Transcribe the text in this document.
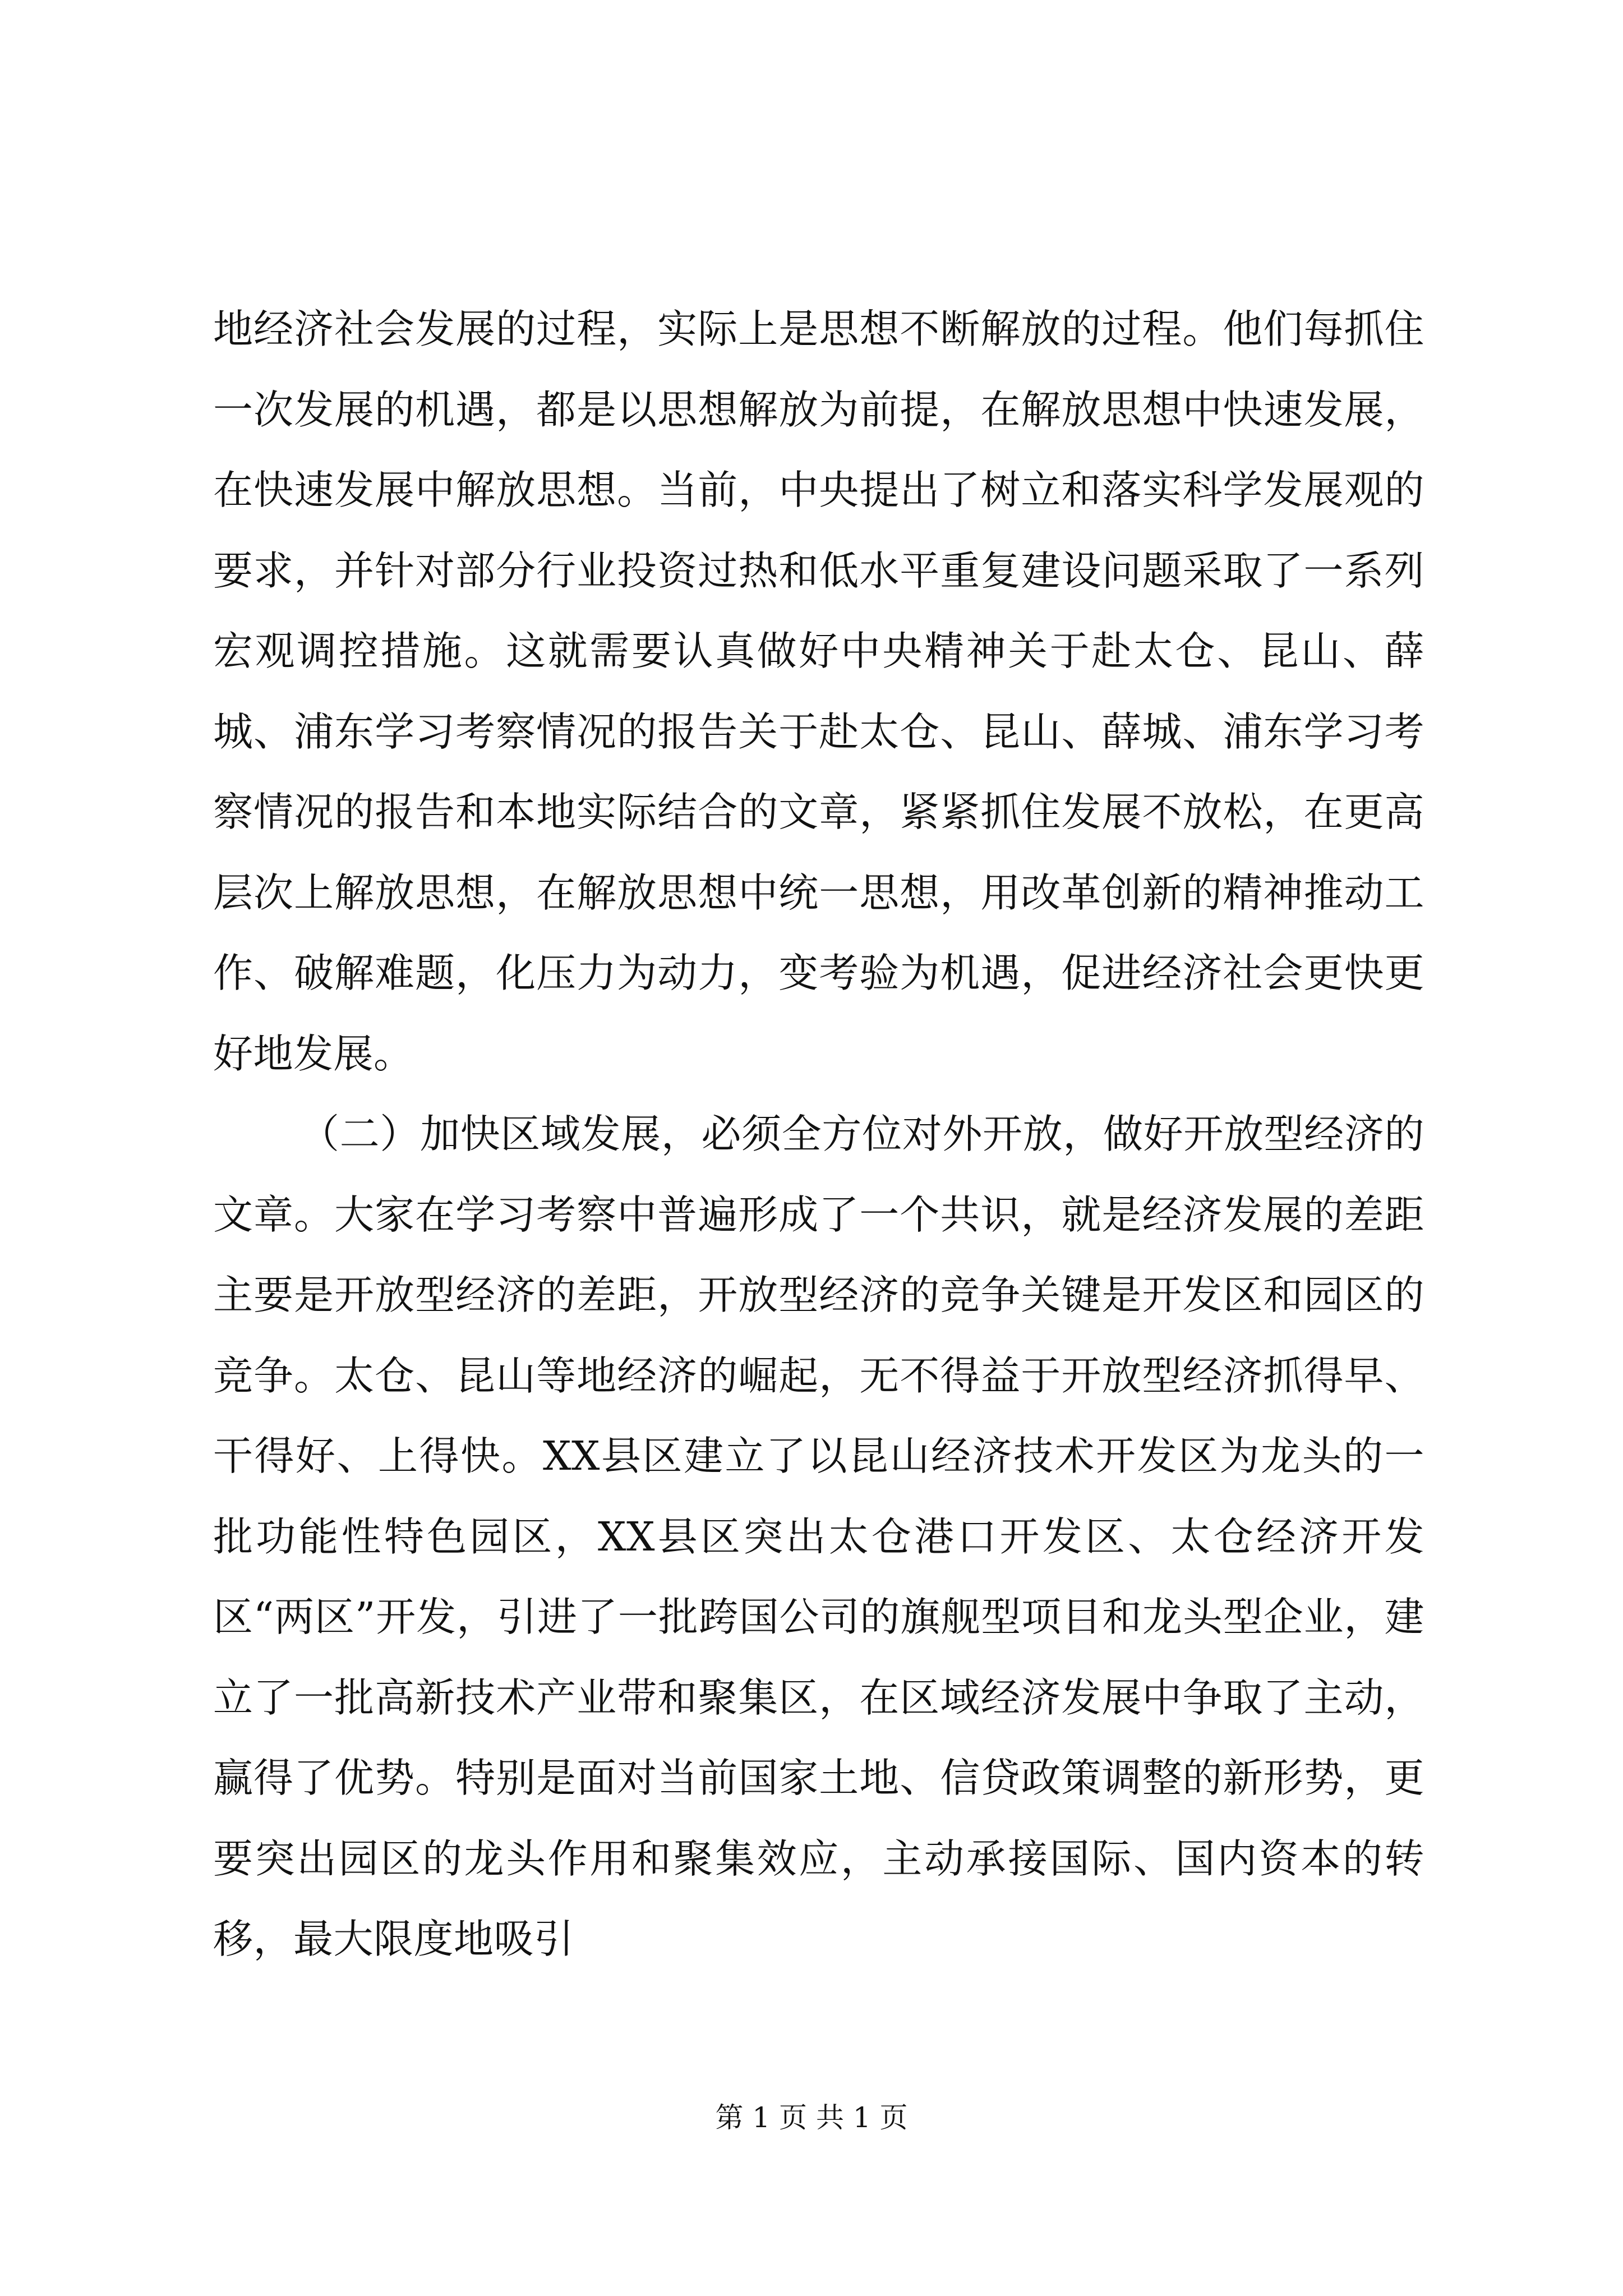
地经济社会发展的过程，实际上是思想不断解放的过程。他们每抓住一次发展的机遇，都是以思想解放为前提，在解放思想中快速发展，在快速发展中解放思想。当前，中央提出了树立和落实科学发展观的要求，并针对部分行业投资过热和低水平重复建设问题采取了一系列宏观调控措施。这就需要认真做好中央精神关于赴太仓、昆山、薛城、浦东学习考察情况的报告关于赴太仓、昆山、薛城、浦东学习考察情况的报告和本地实际结合的文章，紧紧抓住发展不放松，在更高层次上解放思想，在解放思想中统一思想，用改革创新的精神推动工作、破解难题，化压力为动力，变考验为机遇，促进经济社会更快更好地发展。

（二）加快区域发展，必须全方位对外开放，做好开放型经济的文章。大家在学习考察中普遍形成了一个共识，就是经济发展的差距主要是开放型经济的差距，开放型经济的竞争关键是开发区和园区的竞争。太仓、昆山等地经济的崛起，无不得益于开放型经济抓得早、干得好、上得快。XX县区建立了以昆山经济技术开发区为龙头的一批功能性特色园区，XX县区突出太仓港口开发区、太仓经济开发区“两区”开发，引进了一批跨国公司的旗舰型项目和龙头型企业，建立了一批高新技术产业带和聚集区，在区域经济发展中争取了主动，赢得了优势。特别是面对当前国家土地、信贷政策调整的新形势，更要突出园区的龙头作用和聚集效应，主动承接国际、国内资本的转移，最大限度地吸引

第 1 页 共 1 页
